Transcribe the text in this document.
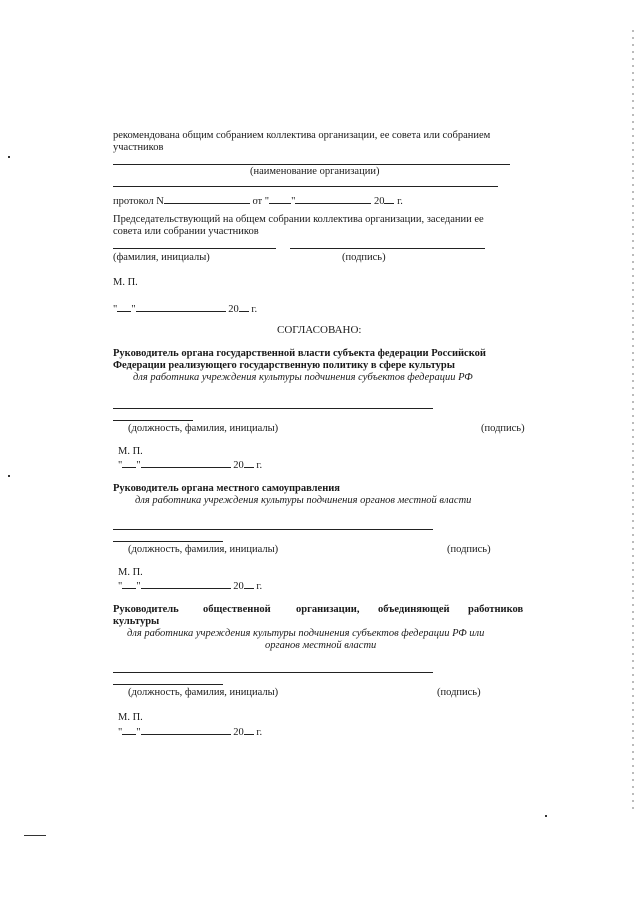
рекомендована общим собранием коллектива организации, ее совета или собранием
участников
(наименование организации)
протокол N	от " "	20 г.
Председательствующий на общем собрании коллектива организации, заседании ее
совета или собрании участников
(фамилия, инициалы)	(подпись)
М. П.
" "	20 г.
СОГЛАСОВАНО:
Руководитель органа государственной власти субъекта федерации Российской
Федерации реализующего государственную политику в сфере культуры
для работника учреждения культуры подчинения субъектов федерации РФ
(должность, фамилия, инициалы)	(подпись)
М. П.
" "	20 г.
Руководитель органа местного самоуправления
для работника учреждения культуры подчинения органов местной власти
(должность, фамилия, инициалы)	(подпись)
М. П.
" "	20 г.
Руководитель общественной организации, объединяющей работников
культуры
для работника учреждения культуры подчинения субъектов федерации РФ или
органов местной власти
(должность, фамилия, инициалы)	(подпись)
М. П.
" "	20 г.
